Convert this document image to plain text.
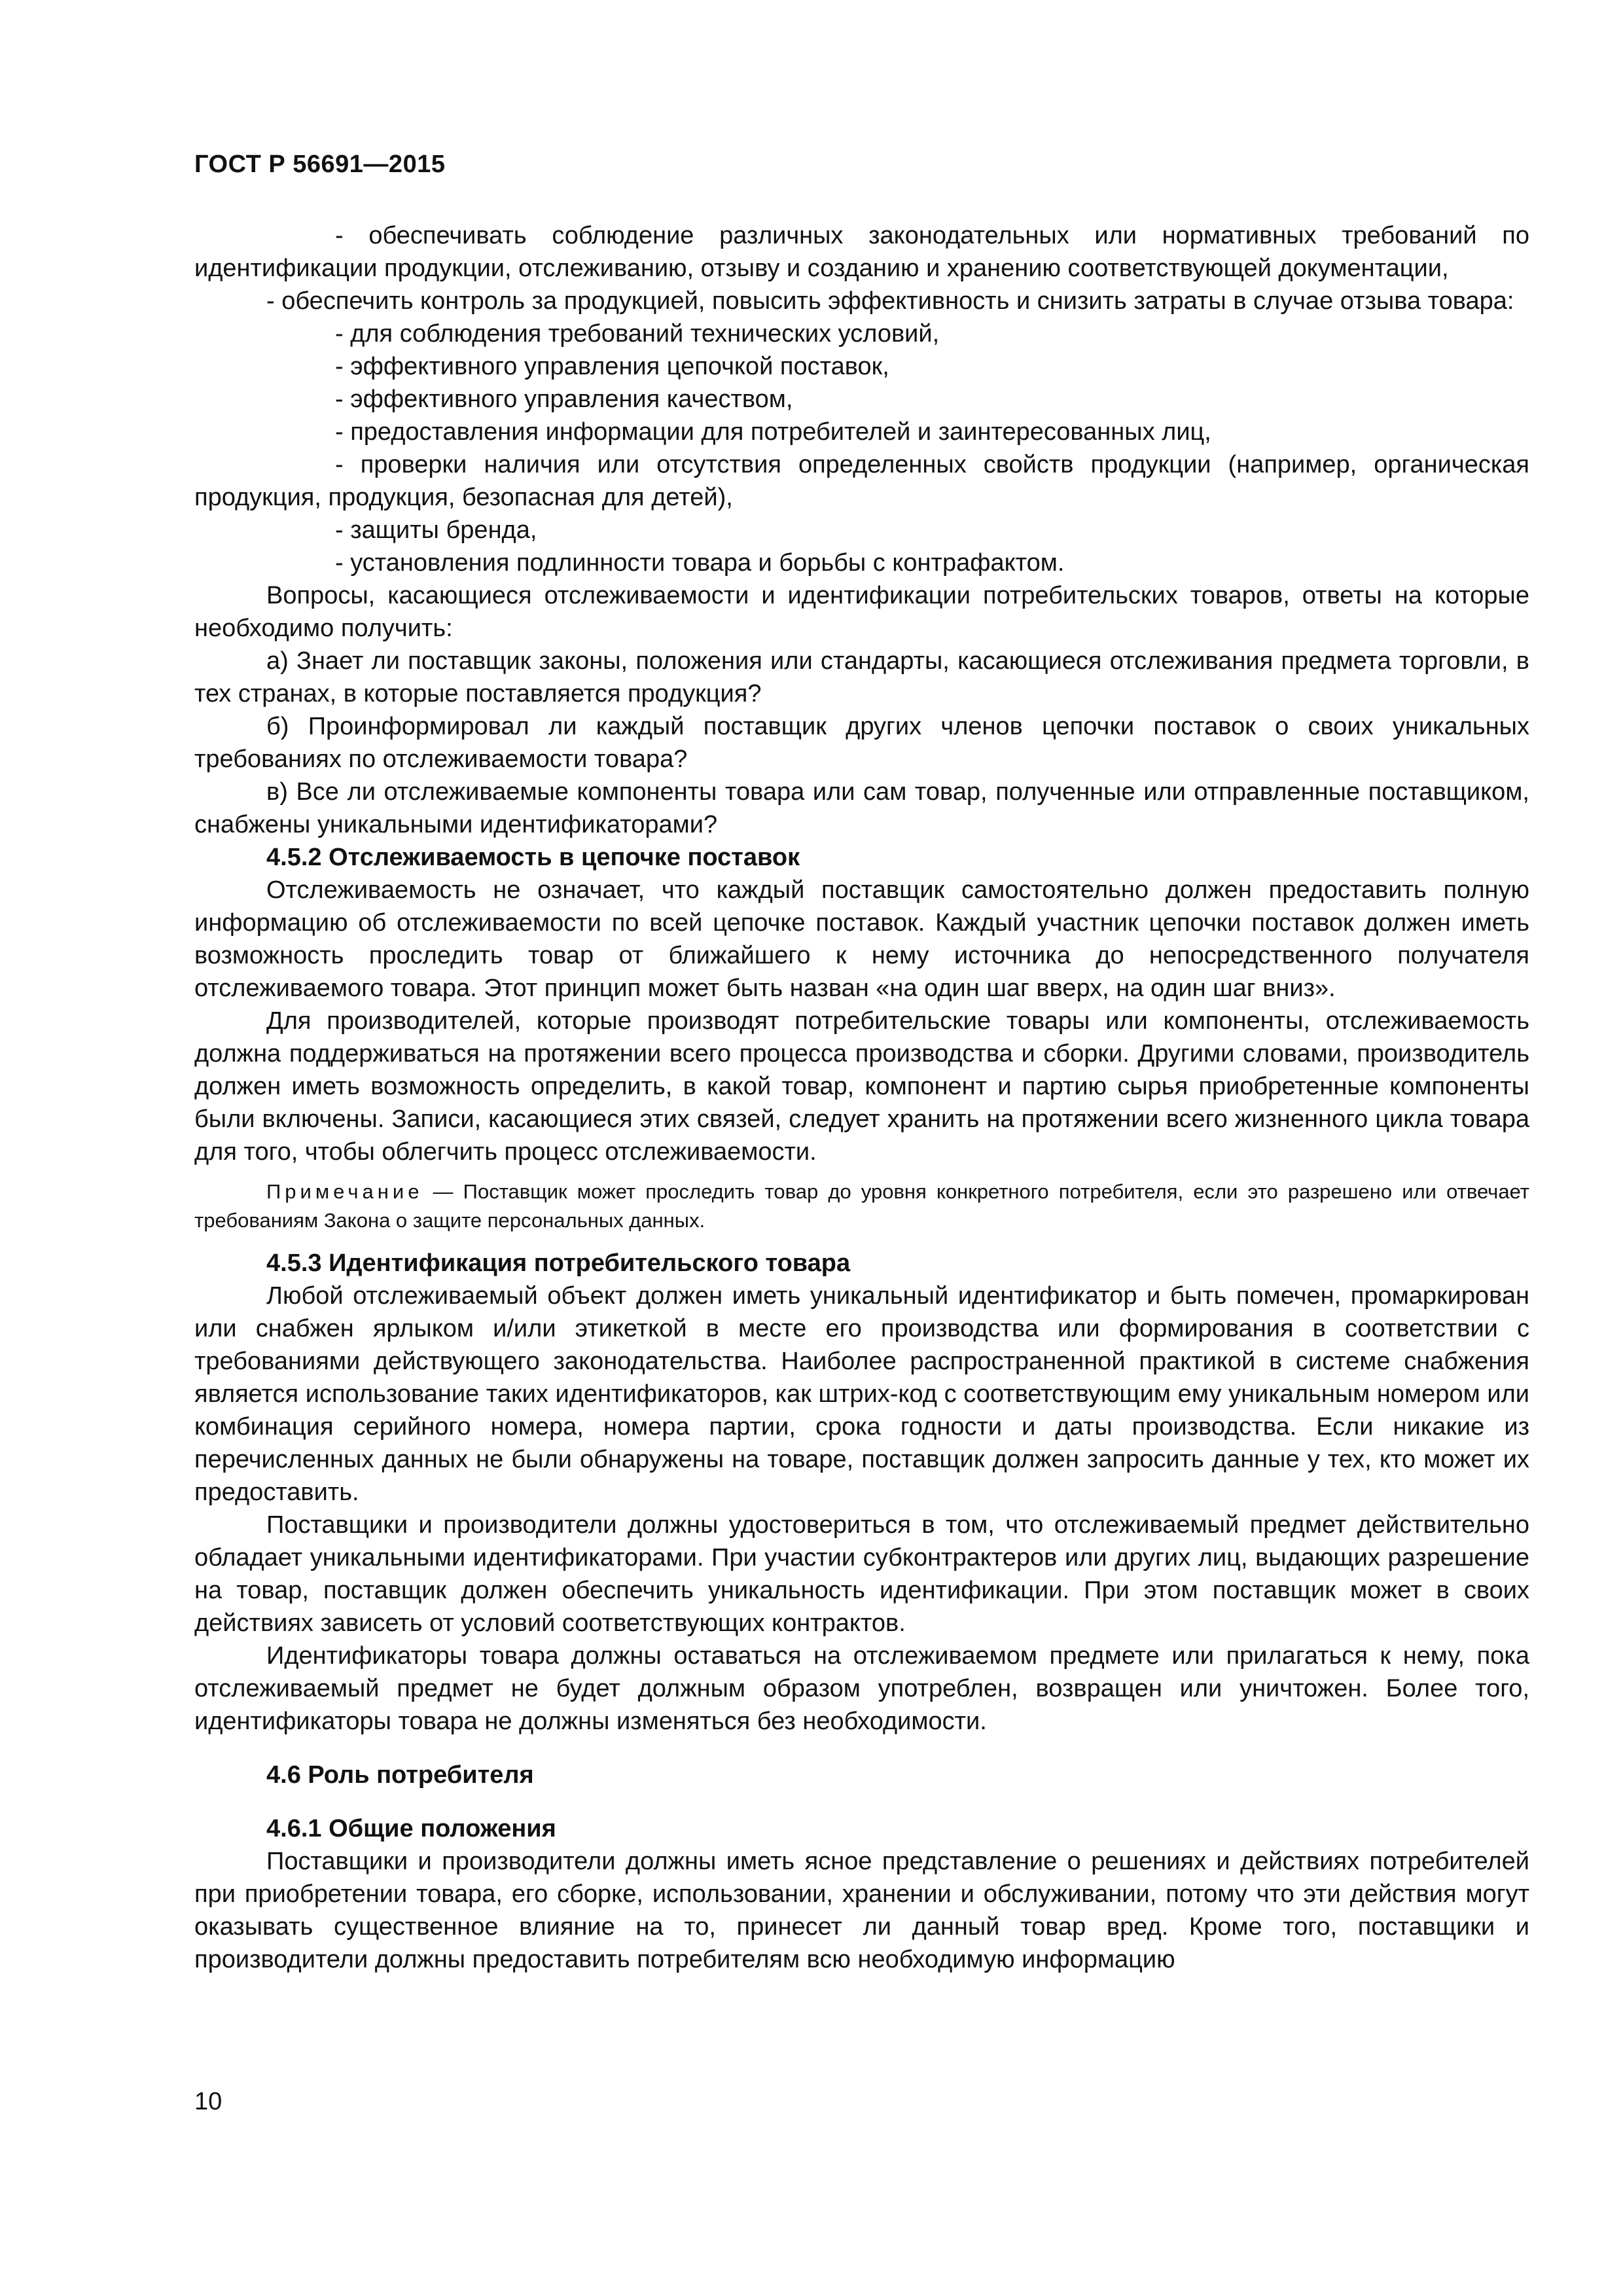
ГОСТ Р 56691—2015

- обеспечивать соблюдение различных законодательных или нормативных требований по идентификации продукции, отслеживанию, отзыву и созданию и хранению соответствующей документации,

- обеспечить контроль за продукцией, повысить эффективность и снизить затраты в случае отзыва товара:

- для соблюдения требований технических условий,

- эффективного управления цепочкой поставок,

- эффективного управления качеством,

- предоставления информации для потребителей и заинтересованных лиц,

- проверки наличия или отсутствия определенных свойств продукции (например, органическая продукция, продукция, безопасная для детей),

- защиты бренда,

- установления подлинности товара и борьбы с контрафактом.

Вопросы, касающиеся отслеживаемости и идентификации потребительских товаров, ответы на которые необходимо получить:

а) Знает ли поставщик законы, положения или стандарты, касающиеся отслеживания предмета торговли, в тех странах, в которые поставляется продукция?

б) Проинформировал ли каждый поставщик других членов цепочки поставок о своих уникальных требованиях по отслеживаемости товара?

в) Все ли отслеживаемые компоненты товара или сам товар, полученные или отправленные поставщиком, снабжены уникальными идентификаторами?

4.5.2 Отслеживаемость в цепочке поставок

Отслеживаемость не означает, что каждый поставщик самостоятельно должен предоставить полную информацию об отслеживаемости по всей цепочке поставок. Каждый участник цепочки поставок должен иметь возможность проследить товар от ближайшего к нему источника до непосредственного получателя отслеживаемого товара. Этот принцип может быть назван «на один шаг вверх, на один шаг вниз».

Для производителей, которые производят потребительские товары или компоненты, отслеживаемость должна поддерживаться на протяжении всего процесса производства и сборки. Другими словами, производитель должен иметь возможность определить, в какой товар, компонент и партию сырья приобретенные компоненты были включены. Записи, касающиеся этих связей, следует хранить на протяжении всего жизненного цикла товара для того, чтобы облегчить процесс отслеживаемости.

Примечание — Поставщик может проследить товар до уровня конкретного потребителя, если это разрешено или отвечает требованиям Закона о защите персональных данных.

4.5.3 Идентификация потребительского товара

Любой отслеживаемый объект должен иметь уникальный идентификатор и быть помечен, промаркирован или снабжен ярлыком и/или этикеткой в месте его производства или формирования в соответствии с требованиями действующего законодательства. Наиболее распространенной практикой в системе снабжения является использование таких идентификаторов, как штрих-код с соответствующим ему уникальным номером или комбинация серийного номера, номера партии, срока годности и даты производства. Если никакие из перечисленных данных не были обнаружены на товаре, поставщик должен запросить данные у тех, кто может их предоставить.

Поставщики и производители должны удостовериться в том, что отслеживаемый предмет действительно обладает уникальными идентификаторами. При участии субконтрактеров или других лиц, выдающих разрешение на товар, поставщик должен обеспечить уникальность идентификации. При этом поставщик может в своих действиях зависеть от условий соответствующих контрактов.

Идентификаторы товара должны оставаться на отслеживаемом предмете или прилагаться к нему, пока отслеживаемый предмет не будет должным образом употреблен, возвращен или уничтожен. Более того, идентификаторы товара не должны изменяться без необходимости.

4.6 Роль потребителя

4.6.1 Общие положения

Поставщики и производители должны иметь ясное представление о решениях и действиях потребителей при приобретении товара, его сборке, использовании, хранении и обслуживании, потому что эти действия могут оказывать существенное влияние на то, принесет ли данный товар вред. Кроме того, поставщики и производители должны предоставить потребителям всю необходимую информацию

10
